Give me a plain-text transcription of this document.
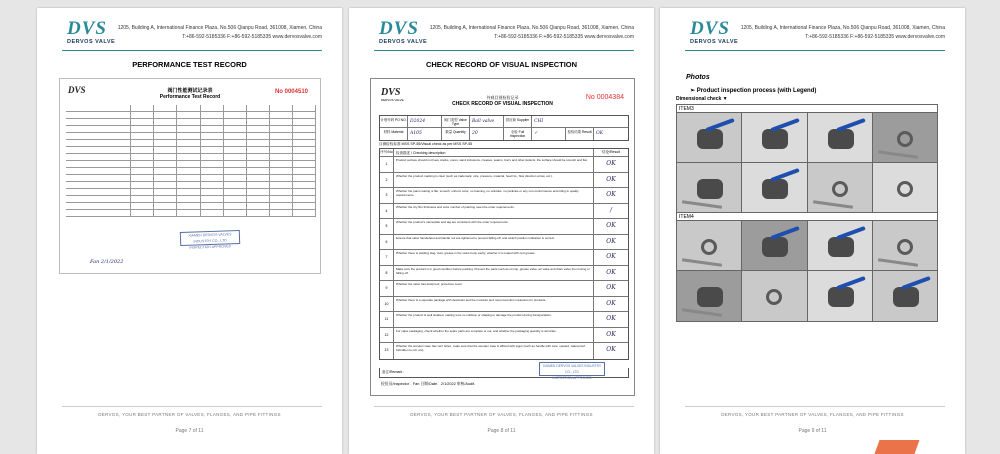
DVS
DERVOS VALVE
1205, Building A, International Finance Plaza, No.506 Qianpu Road, 361008, Xiamen, China
T:+86-592-5185336 F:+86-592-5185335 www.dervosvalve.com
PERFORMANCE TEST RECORD
DVS	阀门性能测试记录表
Performance Test Record
No 0004510
XIAMEN DERVOS VALVES INDUSTRY CO., LTD
INSPECTION APPROVED
Fan 2/1/2022
DERVOS, YOUR BEST PARTNER OF VALVES, FLANGES, AND PIPE FITTINGS
Page 7 of 11
DVS
DERVOS VALVE
1205, Building A, International Finance Plaza, No.506 Qianpu Road, 361008, Xiamen, China
T:+86-592-5185336 F:+86-592-5185335 www.dervosvalve.com
CHECK RECORD OF VISUAL INSPECTION
DVS
DERVOS VALVE	外观目视检验记录
CHECK RECORD OF VISUAL INSPECTION
No 0004384
计划号码 PO NO. D2024	阀门类型 Valve Type	Ball valve	供应商 Supplier	CHI
材料 Material	A105	数量 Quantity	20	全检 Full Inspection	✓	检验结果 Result OK
目测检验标准 MSS SP-55/Visual check as per MSS SP-55
序号/No 检查描述 / Checking description	结论/Result
1
Product surface should not have cracks, pores, sand inclusions, creases, seams, burrs and other defects, the surface should be smooth and flat.	OK
2
Whether the product marking is clear (such as trademark, size, pressure, material, heat No., flow direction arrow, etc.).	OK
3
Whether the paint coating is flat, smooth, uniform color, no foaming, no wrinkles, no particles or any non-conformance according to quality requirements.	OK
4
Whether the dry film thickness and color number of painting meet the order requirements.	/
5
Whether the product's nameplate and tag are consistent with the order requirements.	OK
6
Ensure that valve handwheel and handle nut are tightened to prevent falling off, and switch position indication is correct.	OK
7
Whether there is welding slag, dust, grease in the valve body cavity, whether it is coated with rust grease.	OK
8
Make sure the product is in good condition before packing. Prevent the parts such as oil cup, grease valve, air valve and drain valve from losing or falling off.	OK
9
Whether the valve has dustproof, protective cover.	OK
10
Whether there is a separate package with desiccant and the moisture and rust prevention measures for products.	OK
11
Whether the product is well isolated, making sure no collision or shaking to damage the product during transportation.	OK
12
For valve packaging, check whether the spare parts are complete or not, and whether the packaging quantity is accurate.	OK
13
Whether the wooden case has vent holes, make sure that the wooden case is affixed with signs (such as handle with care, upward, waterproof, forbidden to roll, etc).	OK
备注/Remark：
XIAMEN DERVOS VALVES INDUSTRY CO., LTD
INSPECTION APPROVED
检验员/Inspector：Fan 日期/Date：2/1/2022 审核/Audit：
DERVOS, YOUR BEST PARTNER OF VALVES, FLANGES, AND PIPE FITTINGS
Page 8 of 11
DVS
DERVOS VALVE
1205, Building A, International Finance Plaza, No.506 Qianpu Road, 361008, Xiamen, China
T:+86-592-5185336 F:+86-592-5185335 www.dervosvalve.com
Photos
➢ Product inspection process (with Legend)
Dimensional check ▼
ITEM3
ITEM4
DERVOS, YOUR BEST PARTNER OF VALVES, FLANGES, AND PIPE FITTINGS
Page 9 of 11
